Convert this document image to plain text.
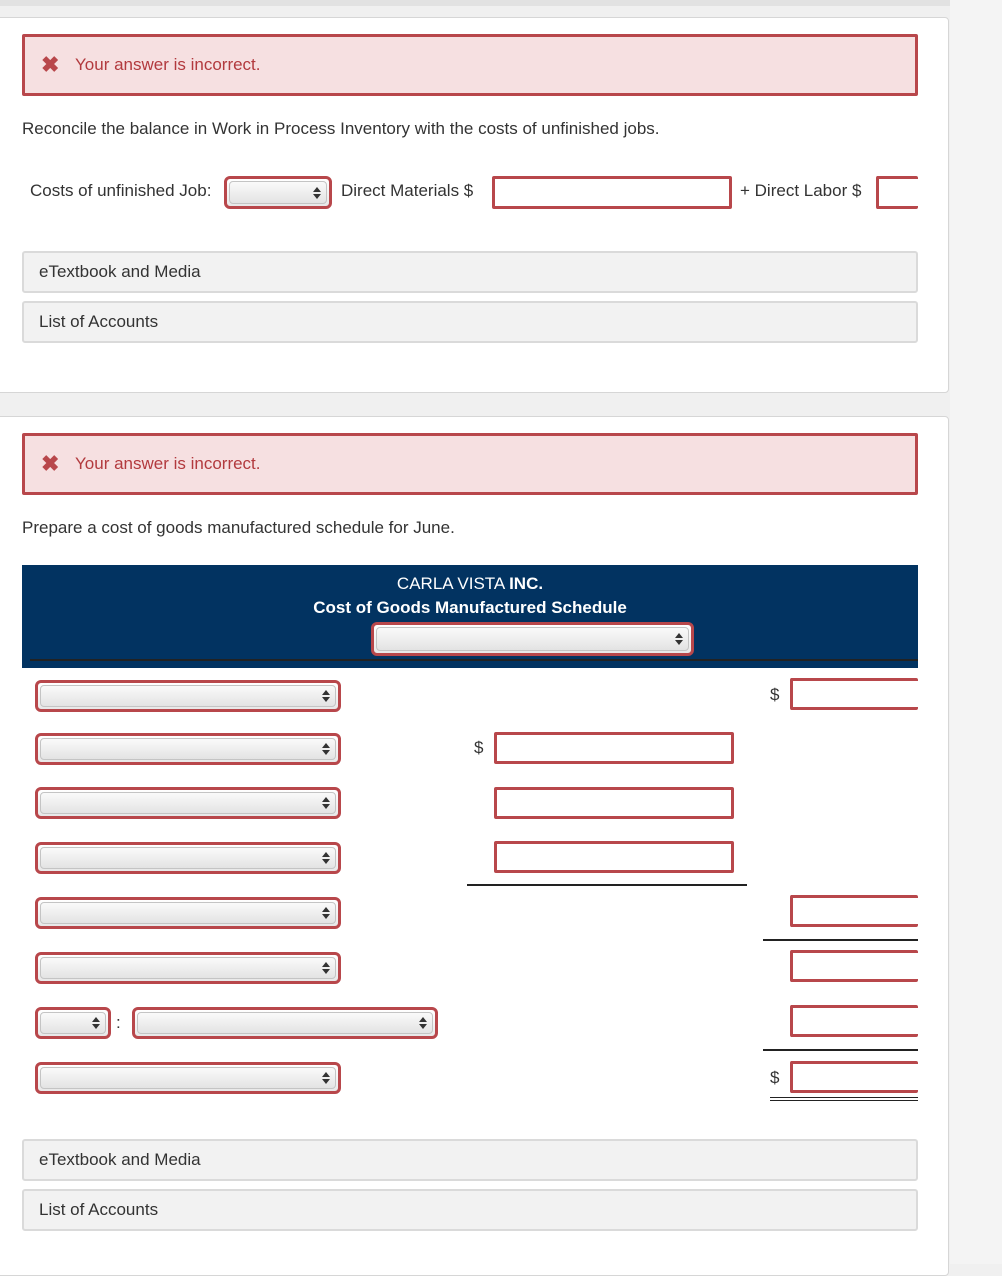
✖ Your answer is incorrect.
Reconcile the balance in Work in Process Inventory with the costs of unfinished jobs.
Costs of unfinished Job:	Direct Materials $	+ Direct Labor $
eTextbook and Media
List of Accounts
✖ Your answer is incorrect.
Prepare a cost of goods manufactured schedule for June.
CARLA VISTA INC.
Cost of Goods Manufactured Schedule
:
$
$
$
eTextbook and Media
List of Accounts
